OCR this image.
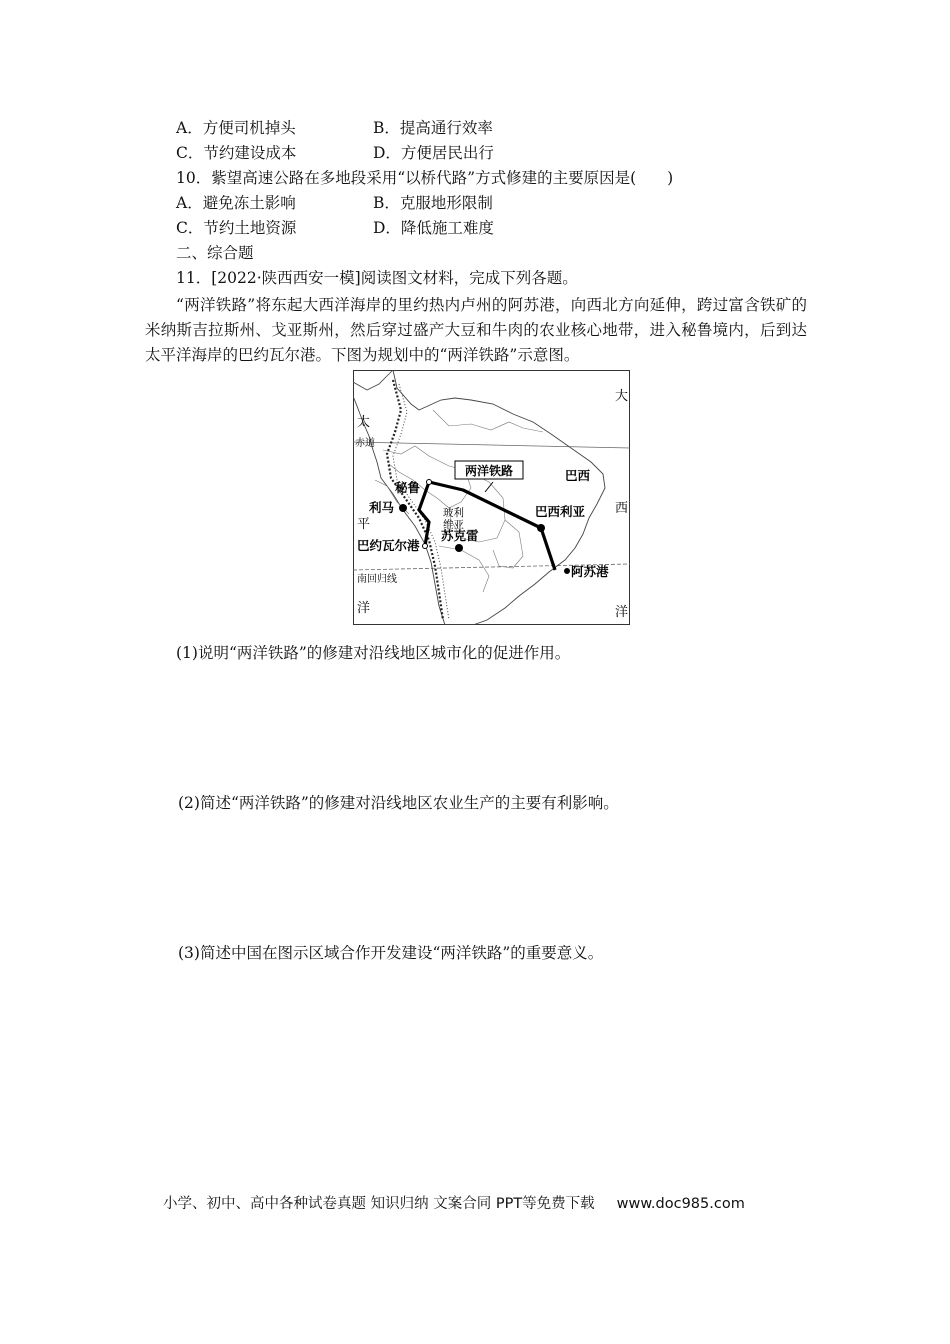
A．方便司机掉头	B．提高通行效率
C．节约建设成本	D．方便居民出行
10．紫望高速公路在多地段采用“以桥代路”方式修建的主要原因是(　　)
A．避免冻土影响	B．克服地形限制
C．节约土地资源	D．降低施工难度
二、综合题
11．[2022·陕西西安一模]阅读图文材料，完成下列各题。
“两洋铁路”将东起大西洋海岸的里约热内卢州的阿苏港，向西北方向延伸，跨过富含铁矿的米纳斯吉拉斯州、戈亚斯州，然后穿过盛产大豆和牛肉的农业核心地带，进入秘鲁境内，后到达太平洋海岸的巴约瓦尔港。下图为规划中的“两洋铁路”示意图。
两洋铁路
大
西
洋
太
平
洋
赤道
南回归线
巴西
秘鲁
玻利
维亚
利马
巴约瓦尔港
苏克雷
巴西利亚
阿苏港
(1)说明“两洋铁路”的修建对沿线地区城市化的促进作用。
(2)简述“两洋铁路”的修建对沿线地区农业生产的主要有利影响。
(3)简述中国在图示区域合作开发建设“两洋铁路”的重要意义。
小学、初中、高中各种试卷真题 知识归纳 文案合同 PPT等免费下载 www.doc985.com
